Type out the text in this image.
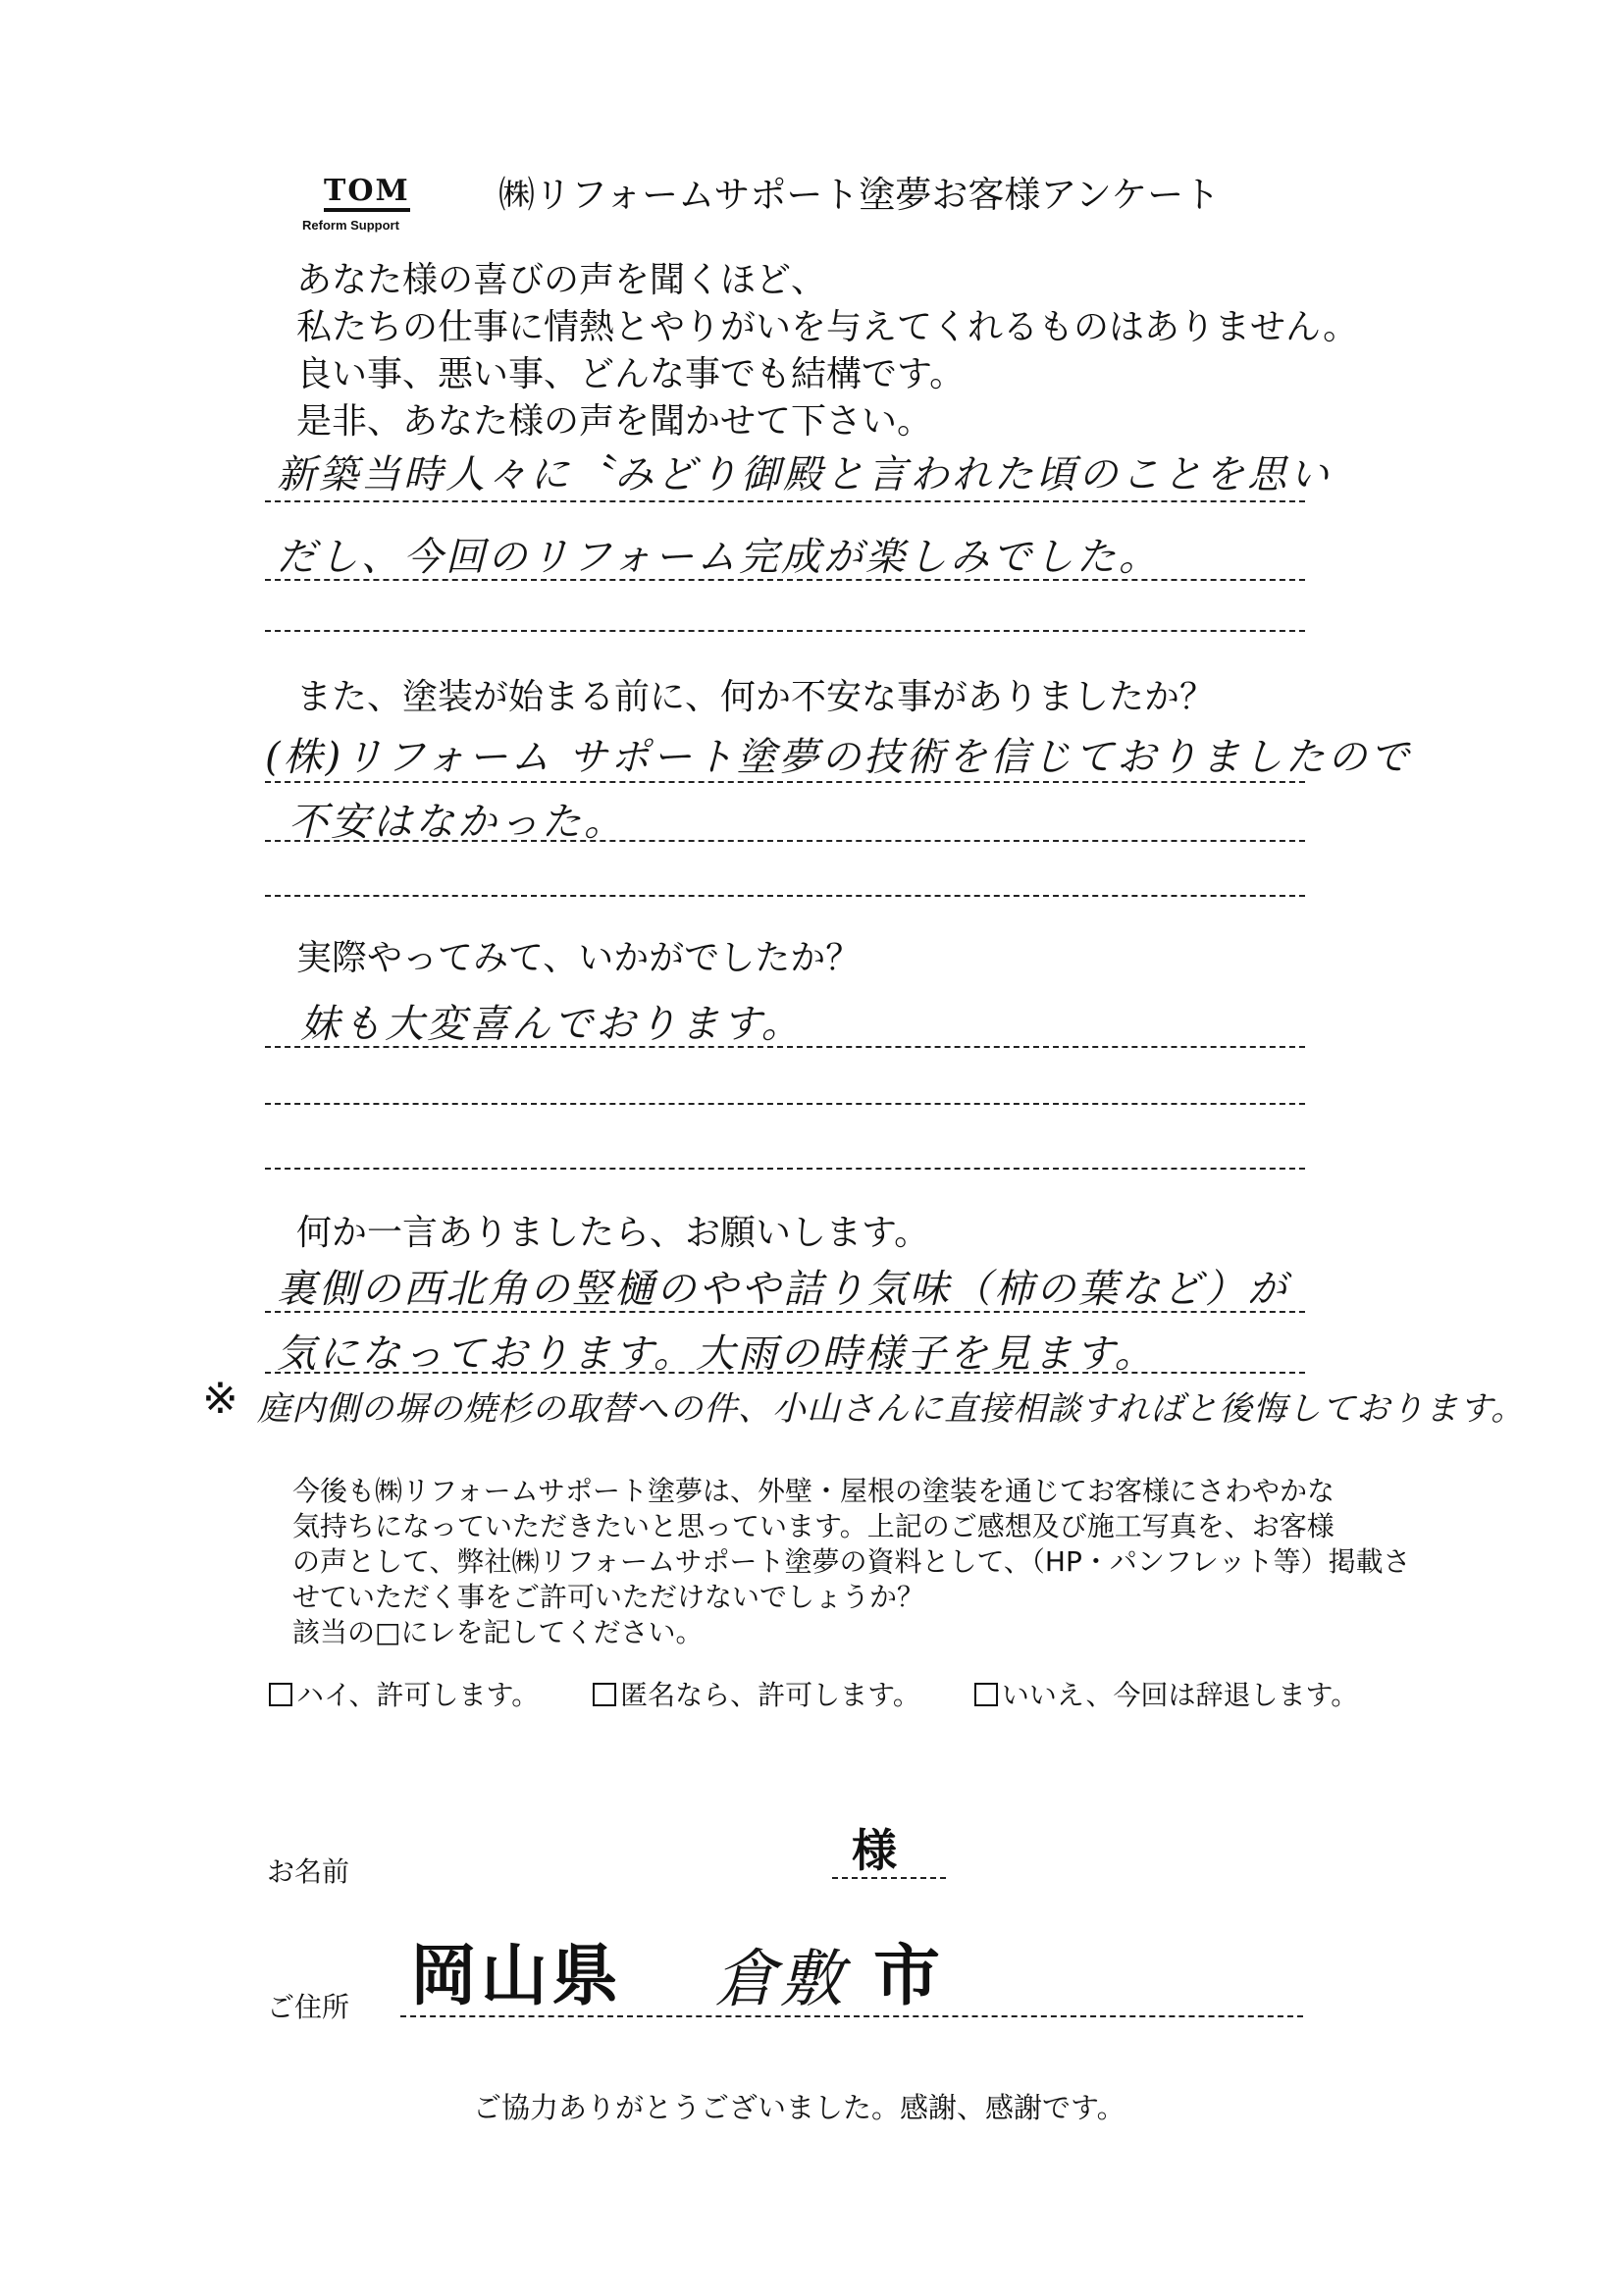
TOM
Reform Support
㈱リフォームサポート塗夢お客様アンケート
あなた様の喜びの声を聞くほど、
私たちの仕事に情熱とやりがいを与えてくれるものはありません。
良い事、悪い事、どんな事でも結構です。
是非、あなた様の声を聞かせて下さい。
新築当時人々に〝みどり御殿と言われた頃のことを思い
だし、今回のリフォーム完成が楽しみでした。
また、塗装が始まる前に、何か不安な事がありましたか？
(株)リフォーム サポート塗夢の技術を信じておりましたので
不安はなかった。
実際やってみて、いかがでしたか？
妹も大変喜んでおります。
何か一言ありましたら、お願いします。
裏側の西北角の竪樋のやや詰り気味（柿の葉など）が
気になっております。大雨の時様子を見ます。
※ 庭内側の塀の焼杉の取替への件、小山さんに直接相談すればと後悔しております。
今後も㈱リフォームサポート塗夢は、外壁・屋根の塗装を通じてお客様にさわやかな
気持ちになっていただきたいと思っています。上記のご感想及び施工写真を、お客様
の声として、弊社㈱リフォームサポート塗夢の資料として、（HP・パンフレット等）掲載さ
せていただく事をご許可いただけないでしょうか？
該当の□にレを記してください。
ハイ、許可します。	匿名なら、許可します。	いいえ、今回は辞退します。
お名前	様
ご住所 岡山県 倉敷 市
ご協力ありがとうございました。感謝、感謝です。
